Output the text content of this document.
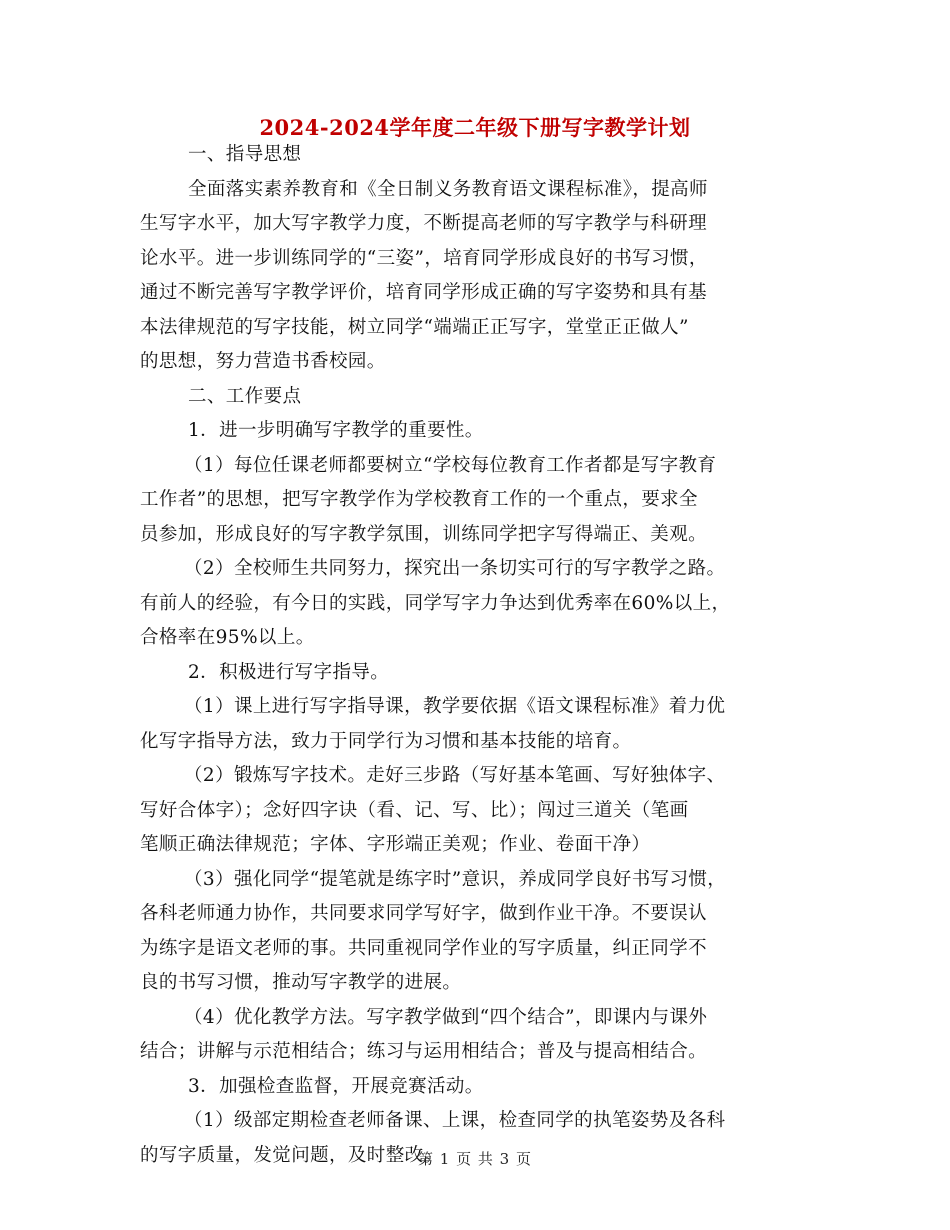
2024-2024学年度二年级下册写字教学计划

一、指导思想

全面落实素养教育和《全日制义务教育语文课程标准》，提高师

生写字水平，加大写字教学力度，不断提高老师的写字教学与科研理

论水平。进一步训练同学的“三姿”，培育同学形成良好的书写习惯，

通过不断完善写字教学评价，培育同学形成正确的写字姿势和具有基

本法律规范的写字技能，树立同学“端端正正写字，堂堂正正做人”

的思想，努力营造书香校园。

二、工作要点

1．进一步明确写字教学的重要性。

（1）每位任课老师都要树立“学校每位教育工作者都是写字教育

工作者”的思想，把写字教学作为学校教育工作的一个重点，要求全

员参加，形成良好的写字教学氛围，训练同学把字写得端正、美观。

（2）全校师生共同努力，探究出一条切实可行的写字教学之路。

有前人的经验，有今日的实践，同学写字力争达到优秀率在60%以上，

合格率在95%以上。

2．积极进行写字指导。

（1）课上进行写字指导课，教学要依据《语文课程标准》着力优

化写字指导方法，致力于同学行为习惯和基本技能的培育。

（2）锻炼写字技术。走好三步路（写好基本笔画、写好独体字、

写好合体字）；念好四字诀（看、记、写、比）；闯过三道关（笔画

笔顺正确法律规范；字体、字形端正美观；作业、卷面干净）

（3）强化同学“提笔就是练字时”意识，养成同学良好书写习惯，

各科老师通力协作，共同要求同学写好字，做到作业干净。不要误认

为练字是语文老师的事。共同重视同学作业的写字质量，纠正同学不

良的书写习惯，推动写字教学的进展。

（4）优化教学方法。写字教学做到“四个结合”，即课内与课外

结合；讲解与示范相结合；练习与运用相结合；普及与提高相结合。

3．加强检查监督，开展竞赛活动。

（1）级部定期检查老师备课、上课，检查同学的执笔姿势及各科

的写字质量，发觉问题，及时整改。

第 1 页 共 3 页
